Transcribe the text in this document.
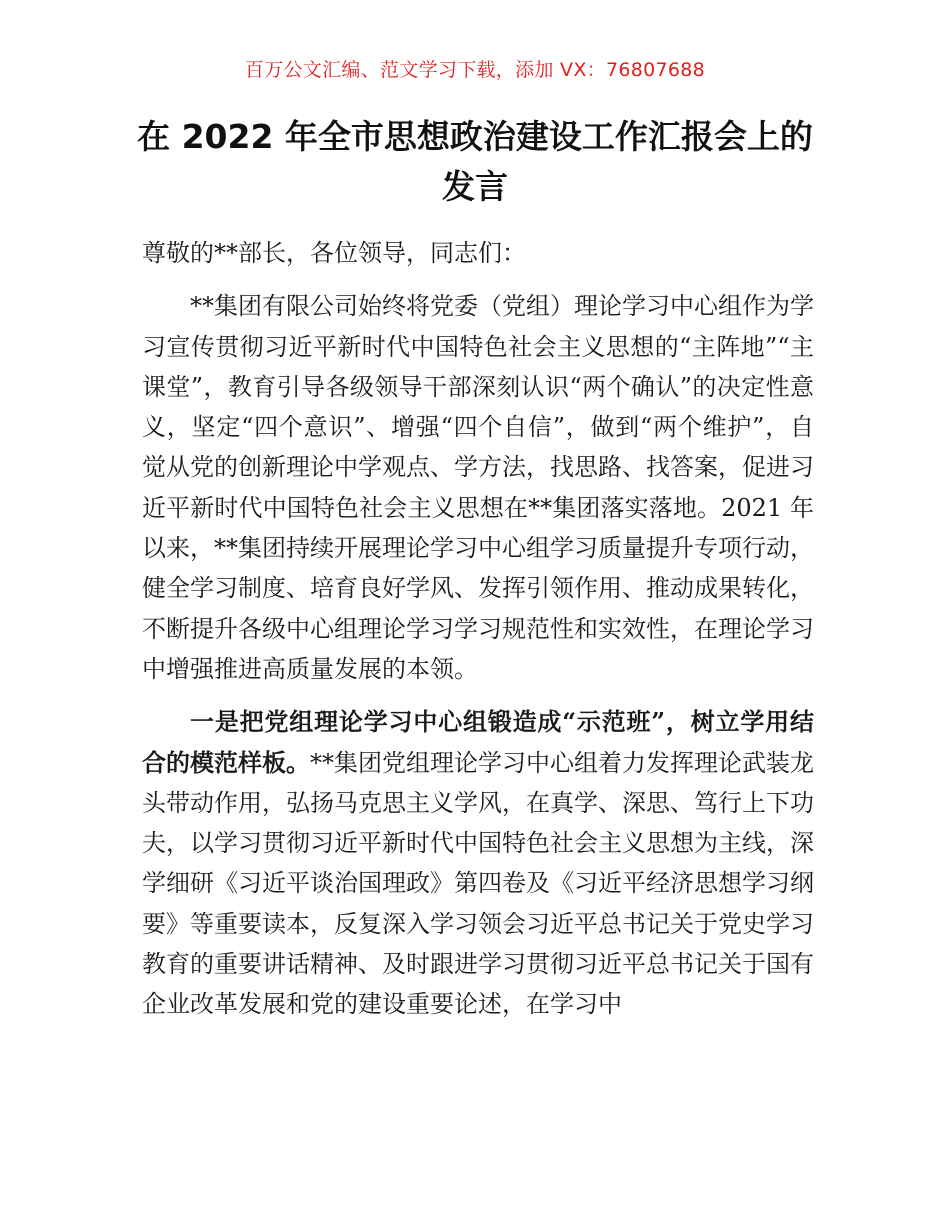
百万公文汇编、范文学习下载，添加 VX：76807688
在 2022 年全市思想政治建设工作汇报会上的发言

尊敬的**部长，各位领导，同志们：

**集团有限公司始终将党委（党组）理论学习中心组作为学习宣传贯彻习近平新时代中国特色社会主义思想的“主阵地”“主课堂”，教育引导各级领导干部深刻认识“两个确认”的决定性意义，坚定“四个意识”、增强“四个自信”，做到“两个维护”，自觉从党的创新理论中学观点、学方法，找思路、找答案，促进习近平新时代中国特色社会主义思想在**集团落实落地。2021 年以来，**集团持续开展理论学习中心组学习质量提升专项行动，健全学习制度、培育良好学风、发挥引领作用、推动成果转化，不断提升各级中心组理论学习学习规范性和实效性，在理论学习中增强推进高质量发展的本领。

一是把党组理论学习中心组锻造成“示范班”，树立学用结合的模范样板。**集团党组理论学习中心组着力发挥理论武装龙头带动作用，弘扬马克思主义学风，在真学、深思、笃行上下功夫，以学习贯彻习近平新时代中国特色社会主义思想为主线，深学细研《习近平谈治国理政》第四卷及《习近平经济思想学习纲要》等重要读本，反复深入学习领会习近平总书记关于党史学习教育的重要讲话精神、及时跟进学习贯彻习近平总书记关于国有企业改革发展和党的建设重要论述，在学习中
